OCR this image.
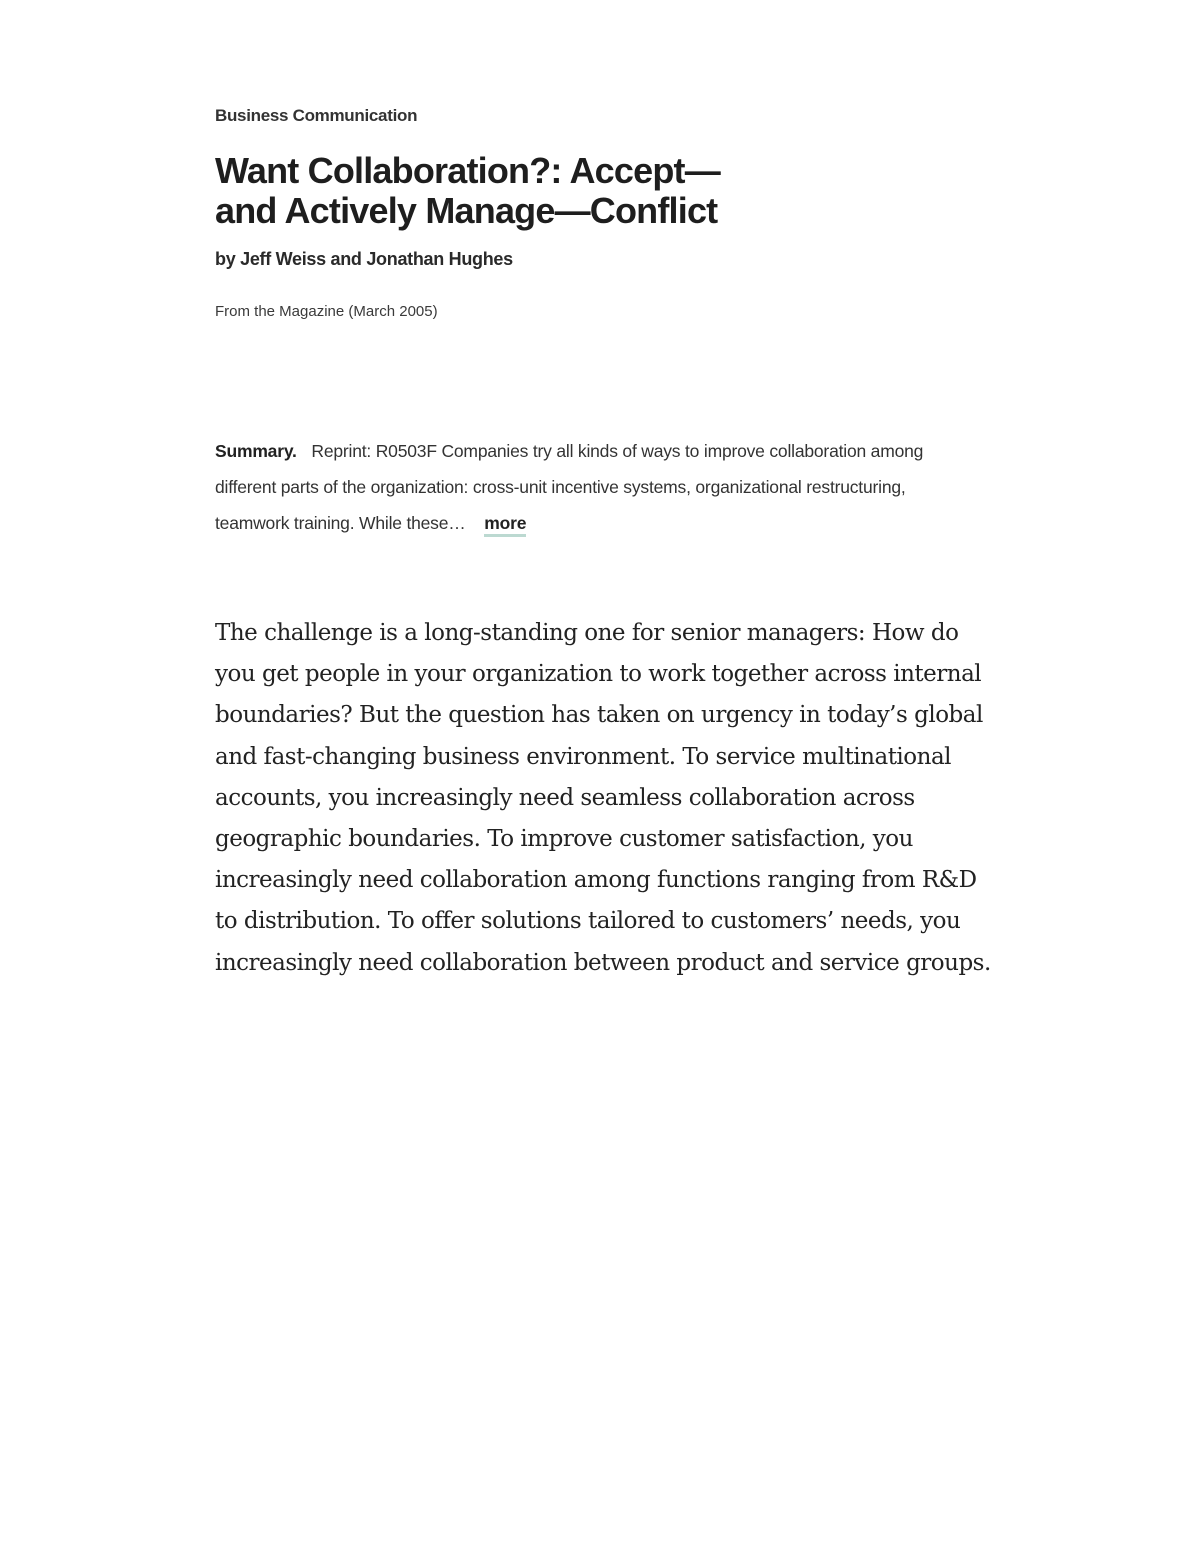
Business Communication
Want Collaboration?: Accept—
and Actively Manage—Conflict
by Jeff Weiss and Jonathan Hughes
From the Magazine (March 2005)
Summary. Reprint: R0503F Companies try all kinds of ways to improve collaboration among different parts of the organization: cross-unit incentive systems, organizational restructuring, teamwork training. While these… more

The challenge is a long-standing one for senior managers: How do you get people in your organization to work together across internal boundaries? But the question has taken on urgency in today’s global and fast-changing business environment. To service multinational accounts, you increasingly need seamless collaboration across geographic boundaries. To improve customer satisfaction, you increasingly need collaboration among functions ranging from R&D to distribution. To offer solutions tailored to customers’ needs, you increasingly need collaboration between product and service groups.
